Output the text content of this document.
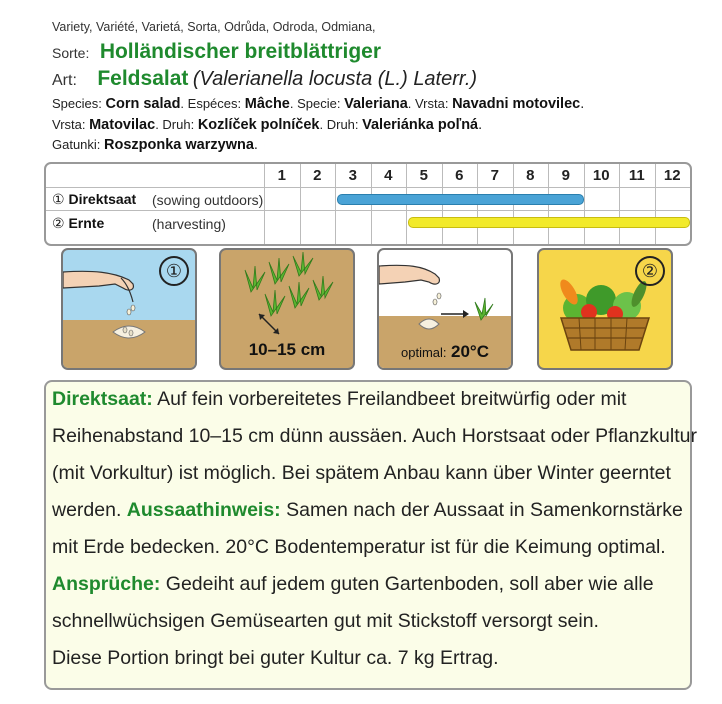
Variety, Variété, Varietá, Sorta, Odrůda, Odroda, Odmiana,
Sorte: Holländischer breitblättriger
Art: Feldsalat (Valerianella locusta (L.) Laterr.)
Species: Corn salad. Espéces: Mâche. Specie: Valeriana. Vrsta: Navadni motovilec.
Vrsta: Matovilac. Druh: Kozlíček polníček. Druh: Valeriánka poľná.
Gatunki: Roszponka warzywna.
1	2	3	4	5	6	7	8	9	10	11	12
① Direktsaat (sowing outdoors)
② Ernte	(harvesting)
①
10–15 cm	optimal: 20°C
②
Direktsaat: Auf fein vorbereitetes Freilandbeet breitwürfig oder mit
Reihenabstand 10–15 cm dünn aussäen. Auch Horstsaat oder Pflanzkultur
(mit Vorkultur) ist möglich. Bei spätem Anbau kann über Winter geerntet
werden. Aussaathinweis: Samen nach der Aussaat in Samenkornstärke
mit Erde bedecken. 20°C Bodentemperatur ist für die Keimung optimal.
Ansprüche: Gedeiht auf jedem guten Gartenboden, soll aber wie alle
schnellwüchsigen Gemüsearten gut mit Stickstoff versorgt sein.
Diese Portion bringt bei guter Kultur ca. 7 kg Ertrag.
